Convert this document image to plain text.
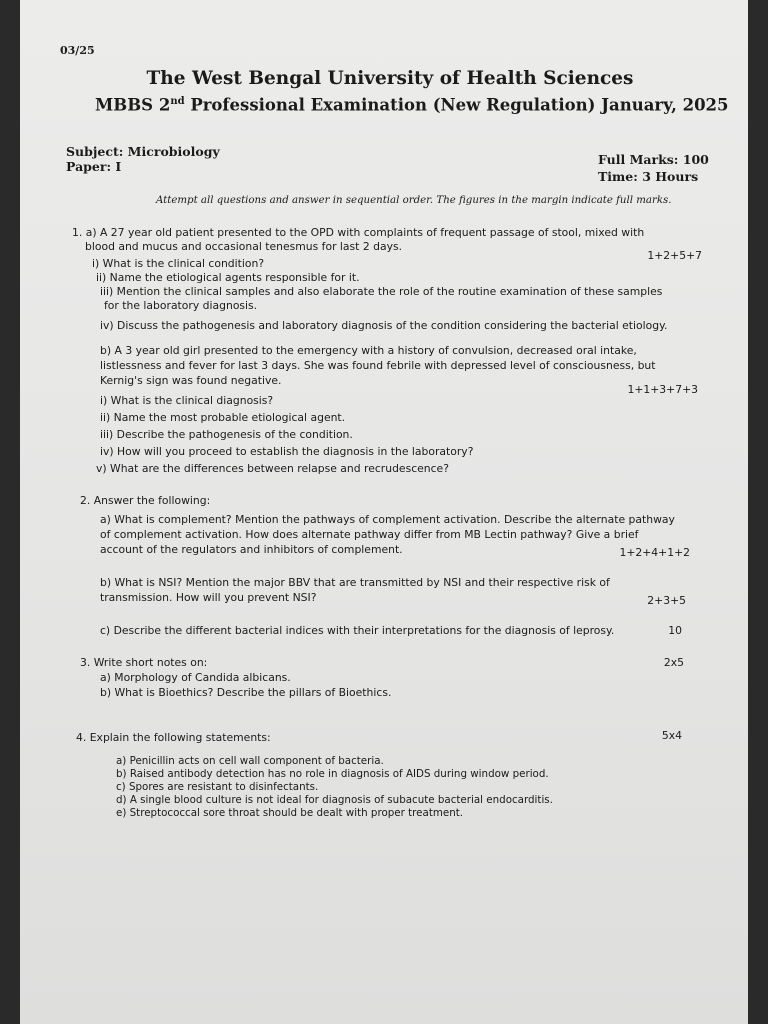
03/25
The West Bengal University of Health Sciences
MBBS 2nd Professional Examination (New Regulation) January, 2025
Subject: Microbiology
Paper: I	Full Marks: 100
Time: 3 Hours
Attempt all questions and answer in sequential order. The figures in the margin indicate full marks.
1. a) A 27 year old patient presented to the OPD with complaints of frequent passage of stool, mixed with
blood and mucus and occasional tenesmus for last 2 days.
1+2+5+7
i) What is the clinical condition?
ii) Name the etiological agents responsible for it.
iii) Mention the clinical samples and also elaborate the role of the routine examination of these samples
for the laboratory diagnosis.
iv) Discuss the pathogenesis and laboratory diagnosis of the condition considering the bacterial etiology.
b) A 3 year old girl presented to the emergency with a history of convulsion, decreased oral intake,
listlessness and fever for last 3 days. She was found febrile with depressed level of consciousness, but
Kernig's sign was found negative.
1+1+3+7+3
i) What is the clinical diagnosis?
ii) Name the most probable etiological agent.
iii) Describe the pathogenesis of the condition.
iv) How will you proceed to establish the diagnosis in the laboratory?
v) What are the differences between relapse and recrudescence?
2. Answer the following:
a) What is complement? Mention the pathways of complement activation. Describe the alternate pathway
of complement activation. How does alternate pathway differ from MB Lectin pathway? Give a brief
account of the regulators and inhibitors of complement.	1+2+4+1+2
b) What is NSI? Mention the major BBV that are transmitted by NSI and their respective risk of
transmission. How will you prevent NSI?	2+3+5
c) Describe the different bacterial indices with their interpretations for the diagnosis of leprosy.	10
3. Write short notes on:	2x5
a) Morphology of Candida albicans.
b) What is Bioethics? Describe the pillars of Bioethics.
4. Explain the following statements:	5x4
a) Penicillin acts on cell wall component of bacteria.
b) Raised antibody detection has no role in diagnosis of AIDS during window period.
c) Spores are resistant to disinfectants.
d) A single blood culture is not ideal for diagnosis of subacute bacterial endocarditis.
e) Streptococcal sore throat should be dealt with proper treatment.
